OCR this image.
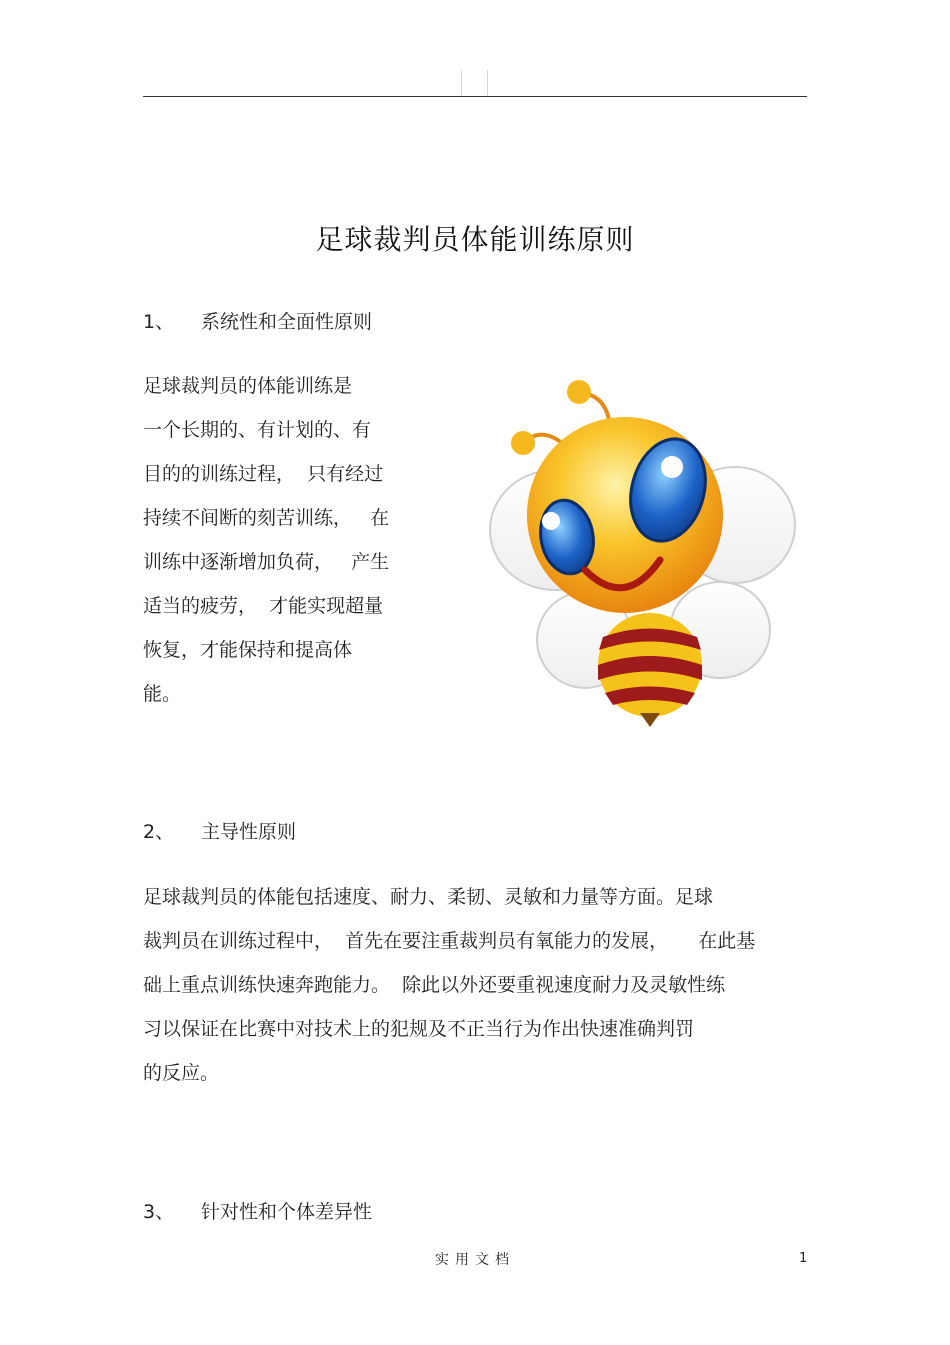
足球裁判员体能训练原则
1、 系统性和全面性原则
足球裁判员的体能训练是
一个长期的、有计划的、有
目的的训练过程，  只有经过
持续不间断的刻苦训练，   在
训练中逐渐增加负荷，   产生
适当的疲劳，  才能实现超量
恢复，才能保持和提高体
能。
2、 主导性原则
足球裁判员的体能包括速度、耐力、柔韧、灵敏和力量等方面。足球
裁判员在训练过程中，  首先在要注重裁判员有氧能力的发展，     在此基
础上重点训练快速奔跑能力。  除此以外还要重视速度耐力及灵敏性练
习以保证在比赛中对技术上的犯规及不正当行为作出快速准确判罚
的反应。
3、 针对性和个体差异性
实用文档	1
